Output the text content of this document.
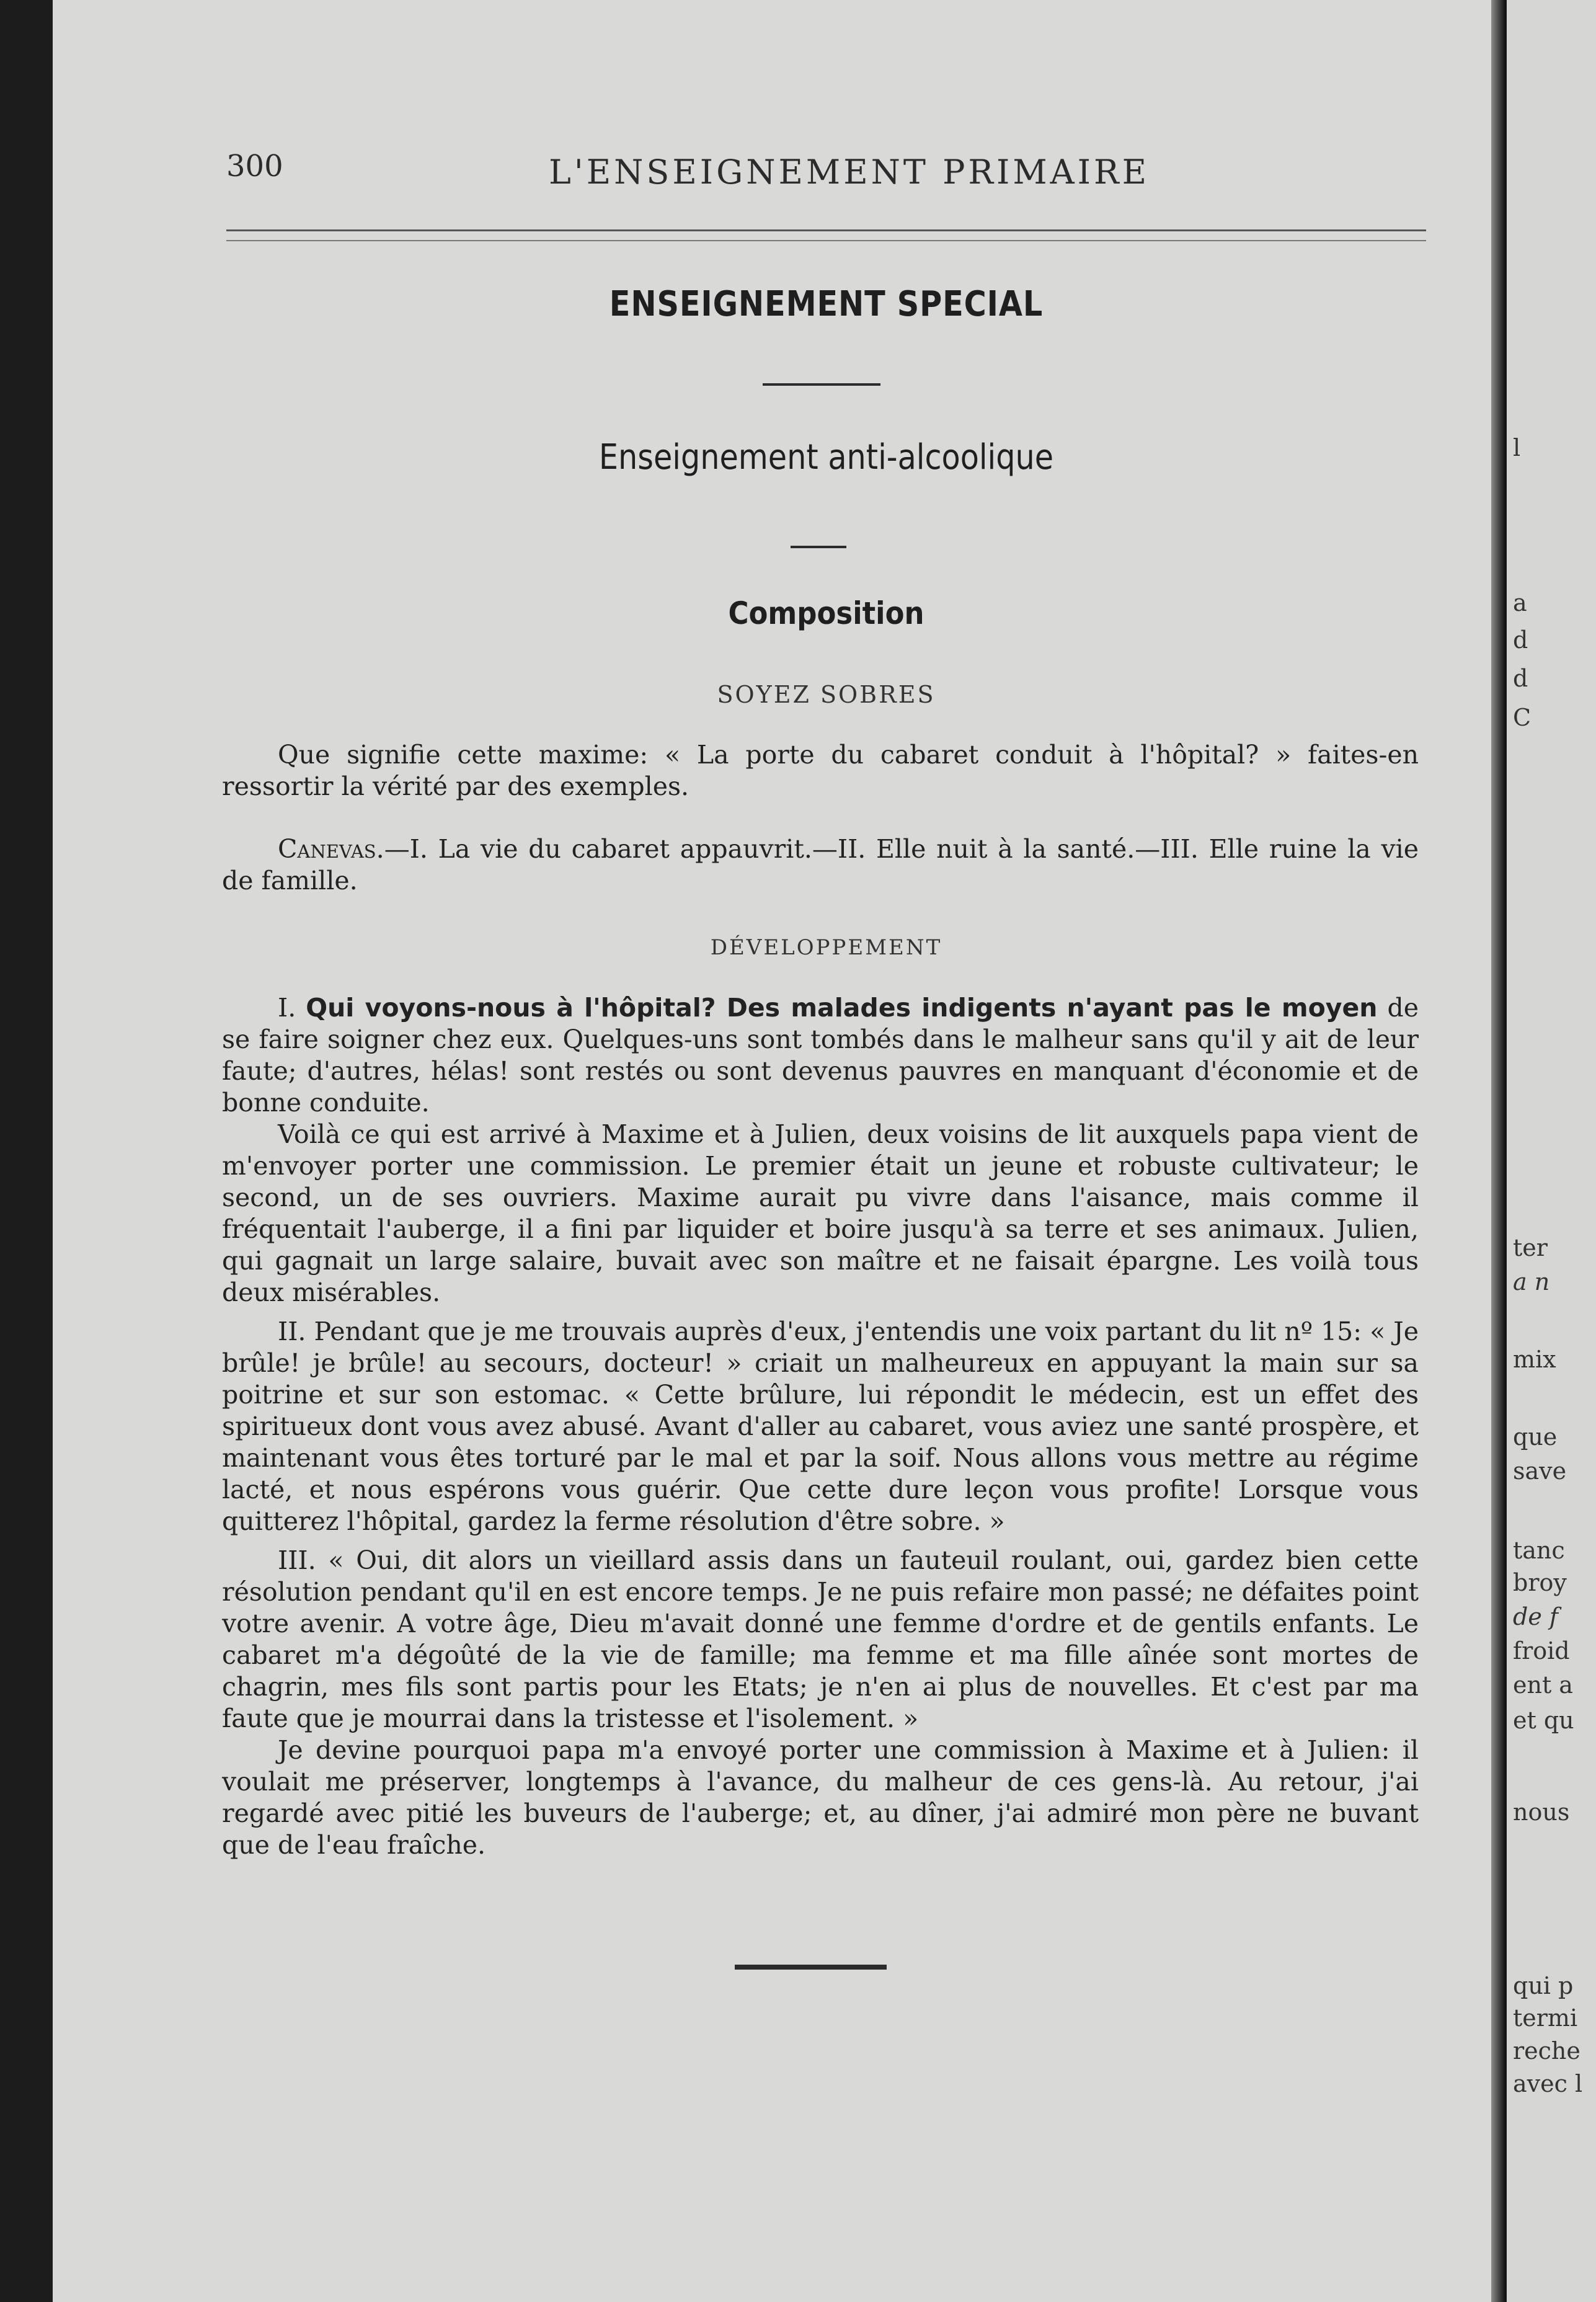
l
a
d
d
C
ter
a n
mix
que
save
tanc
broy
de f
froid
ent a
et qu
nous
qui p
termi
reche
avec l
300	L'ENSEIGNEMENT PRIMAIRE
ENSEIGNEMENT SPECIAL
Enseignement anti-alcoolique
Composition
SOYEZ SOBRES

Que signifie cette maxime: « La porte du cabaret conduit à l'hôpital? » faites-en ressortir la vérité par des exemples.

Canevas.—I. La vie du cabaret appauvrit.—II. Elle nuit à la santé.—III. Elle ruine la vie de famille.

DÉVELOPPEMENT

I. Qui voyons-nous à l'hôpital? Des malades indigents n'ayant pas le moyen de se faire soigner chez eux. Quelques-uns sont tombés dans le malheur sans qu'il y ait de leur faute; d'autres, hélas! sont restés ou sont devenus pauvres en manquant d'économie et de bonne conduite.

Voilà ce qui est arrivé à Maxime et à Julien, deux voisins de lit auxquels papa vient de m'envoyer porter une commission. Le premier était un jeune et robuste cultivateur; le second, un de ses ouvriers. Maxime aurait pu vivre dans l'aisance, mais comme il fréquentait l'auberge, il a fini par liquider et boire jusqu'à sa terre et ses animaux. Julien, qui gagnait un large salaire, buvait avec son maître et ne faisait épargne. Les voilà tous deux misérables.

II. Pendant que je me trouvais auprès d'eux, j'entendis une voix partant du lit nº 15: « Je brûle! je brûle! au secours, docteur! » criait un malheureux en appuyant la main sur sa poitrine et sur son estomac. « Cette brûlure, lui répondit le médecin, est un effet des spiritueux dont vous avez abusé. Avant d'aller au cabaret, vous aviez une santé prospère, et maintenant vous êtes torturé par le mal et par la soif. Nous allons vous mettre au régime lacté, et nous espérons vous guérir. Que cette dure leçon vous profite! Lorsque vous quitterez l'hôpital, gardez la ferme résolution d'être sobre. »

III. « Oui, dit alors un vieillard assis dans un fauteuil roulant, oui, gardez bien cette résolution pendant qu'il en est encore temps. Je ne puis refaire mon passé; ne défaites point votre avenir. A votre âge, Dieu m'avait donné une femme d'ordre et de gentils enfants. Le cabaret m'a dégoûté de la vie de famille; ma femme et ma fille aînée sont mortes de chagrin, mes fils sont partis pour les Etats; je n'en ai plus de nouvelles. Et c'est par ma faute que je mourrai dans la tristesse et l'isolement. »

Je devine pourquoi papa m'a envoyé porter une commission à Maxime et à Julien: il voulait me préserver, longtemps à l'avance, du malheur de ces gens-là. Au retour, j'ai regardé avec pitié les buveurs de l'auberge; et, au dîner, j'ai admiré mon père ne buvant que de l'eau fraîche.
